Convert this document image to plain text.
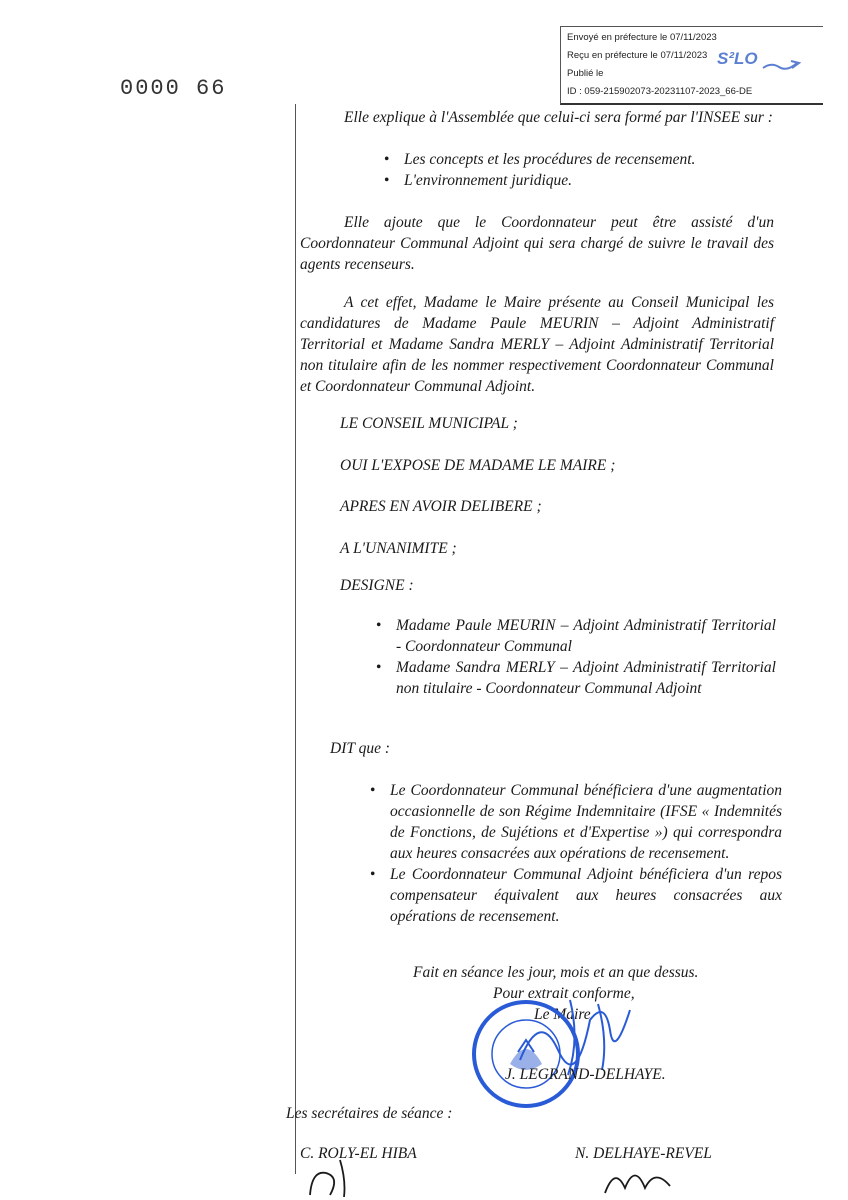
Envoyé en préfecture le 07/11/2023
Reçu en préfecture le 07/11/2023
Publié le
ID : 059-215902073-20231107-2023_66-DE
S²LO
0000 66
Elle explique à l'Assemblée que celui-ci sera formé par l'INSEE sur :
• Les concepts et les procédures de recensement.
• L'environnement juridique.
Elle ajoute que le Coordonnateur peut être assisté d'un Coordonnateur Communal Adjoint qui sera chargé de suivre le travail des agents recenseurs.
A cet effet, Madame le Maire présente au Conseil Municipal les candidatures de Madame Paule MEURIN – Adjoint Administratif Territorial et Madame Sandra MERLY – Adjoint Administratif Territorial non titulaire afin de les nommer respectivement Coordonnateur Communal et Coordonnateur Communal Adjoint.
LE CONSEIL MUNICIPAL ;
OUI L'EXPOSE DE MADAME LE MAIRE ;
APRES EN AVOIR DELIBERE ;
A L'UNANIMITE ;
DESIGNE :
• Madame Paule MEURIN – Adjoint Administratif Territorial - Coordonnateur Communal
• Madame Sandra MERLY – Adjoint Administratif Territorial non titulaire - Coordonnateur Communal Adjoint
DIT que :
• Le Coordonnateur Communal bénéficiera d'une augmentation occasionnelle de son Régime Indemnitaire (IFSE « Indemnités de Fonctions, de Sujétions et d'Expertise ») qui correspondra aux heures consacrées aux opérations de recensement.
• Le Coordonnateur Communal Adjoint bénéficiera d'un repos compensateur équivalent aux heures consacrées aux opérations de recensement.
Fait en séance les jour, mois et an que dessus.
Pour extrait conforme,
Le Maire
J. LEGRAND-DELHAYE.
Les secrétaires de séance :
C. ROLY-EL HIBA	N. DELHAYE-REVEL
